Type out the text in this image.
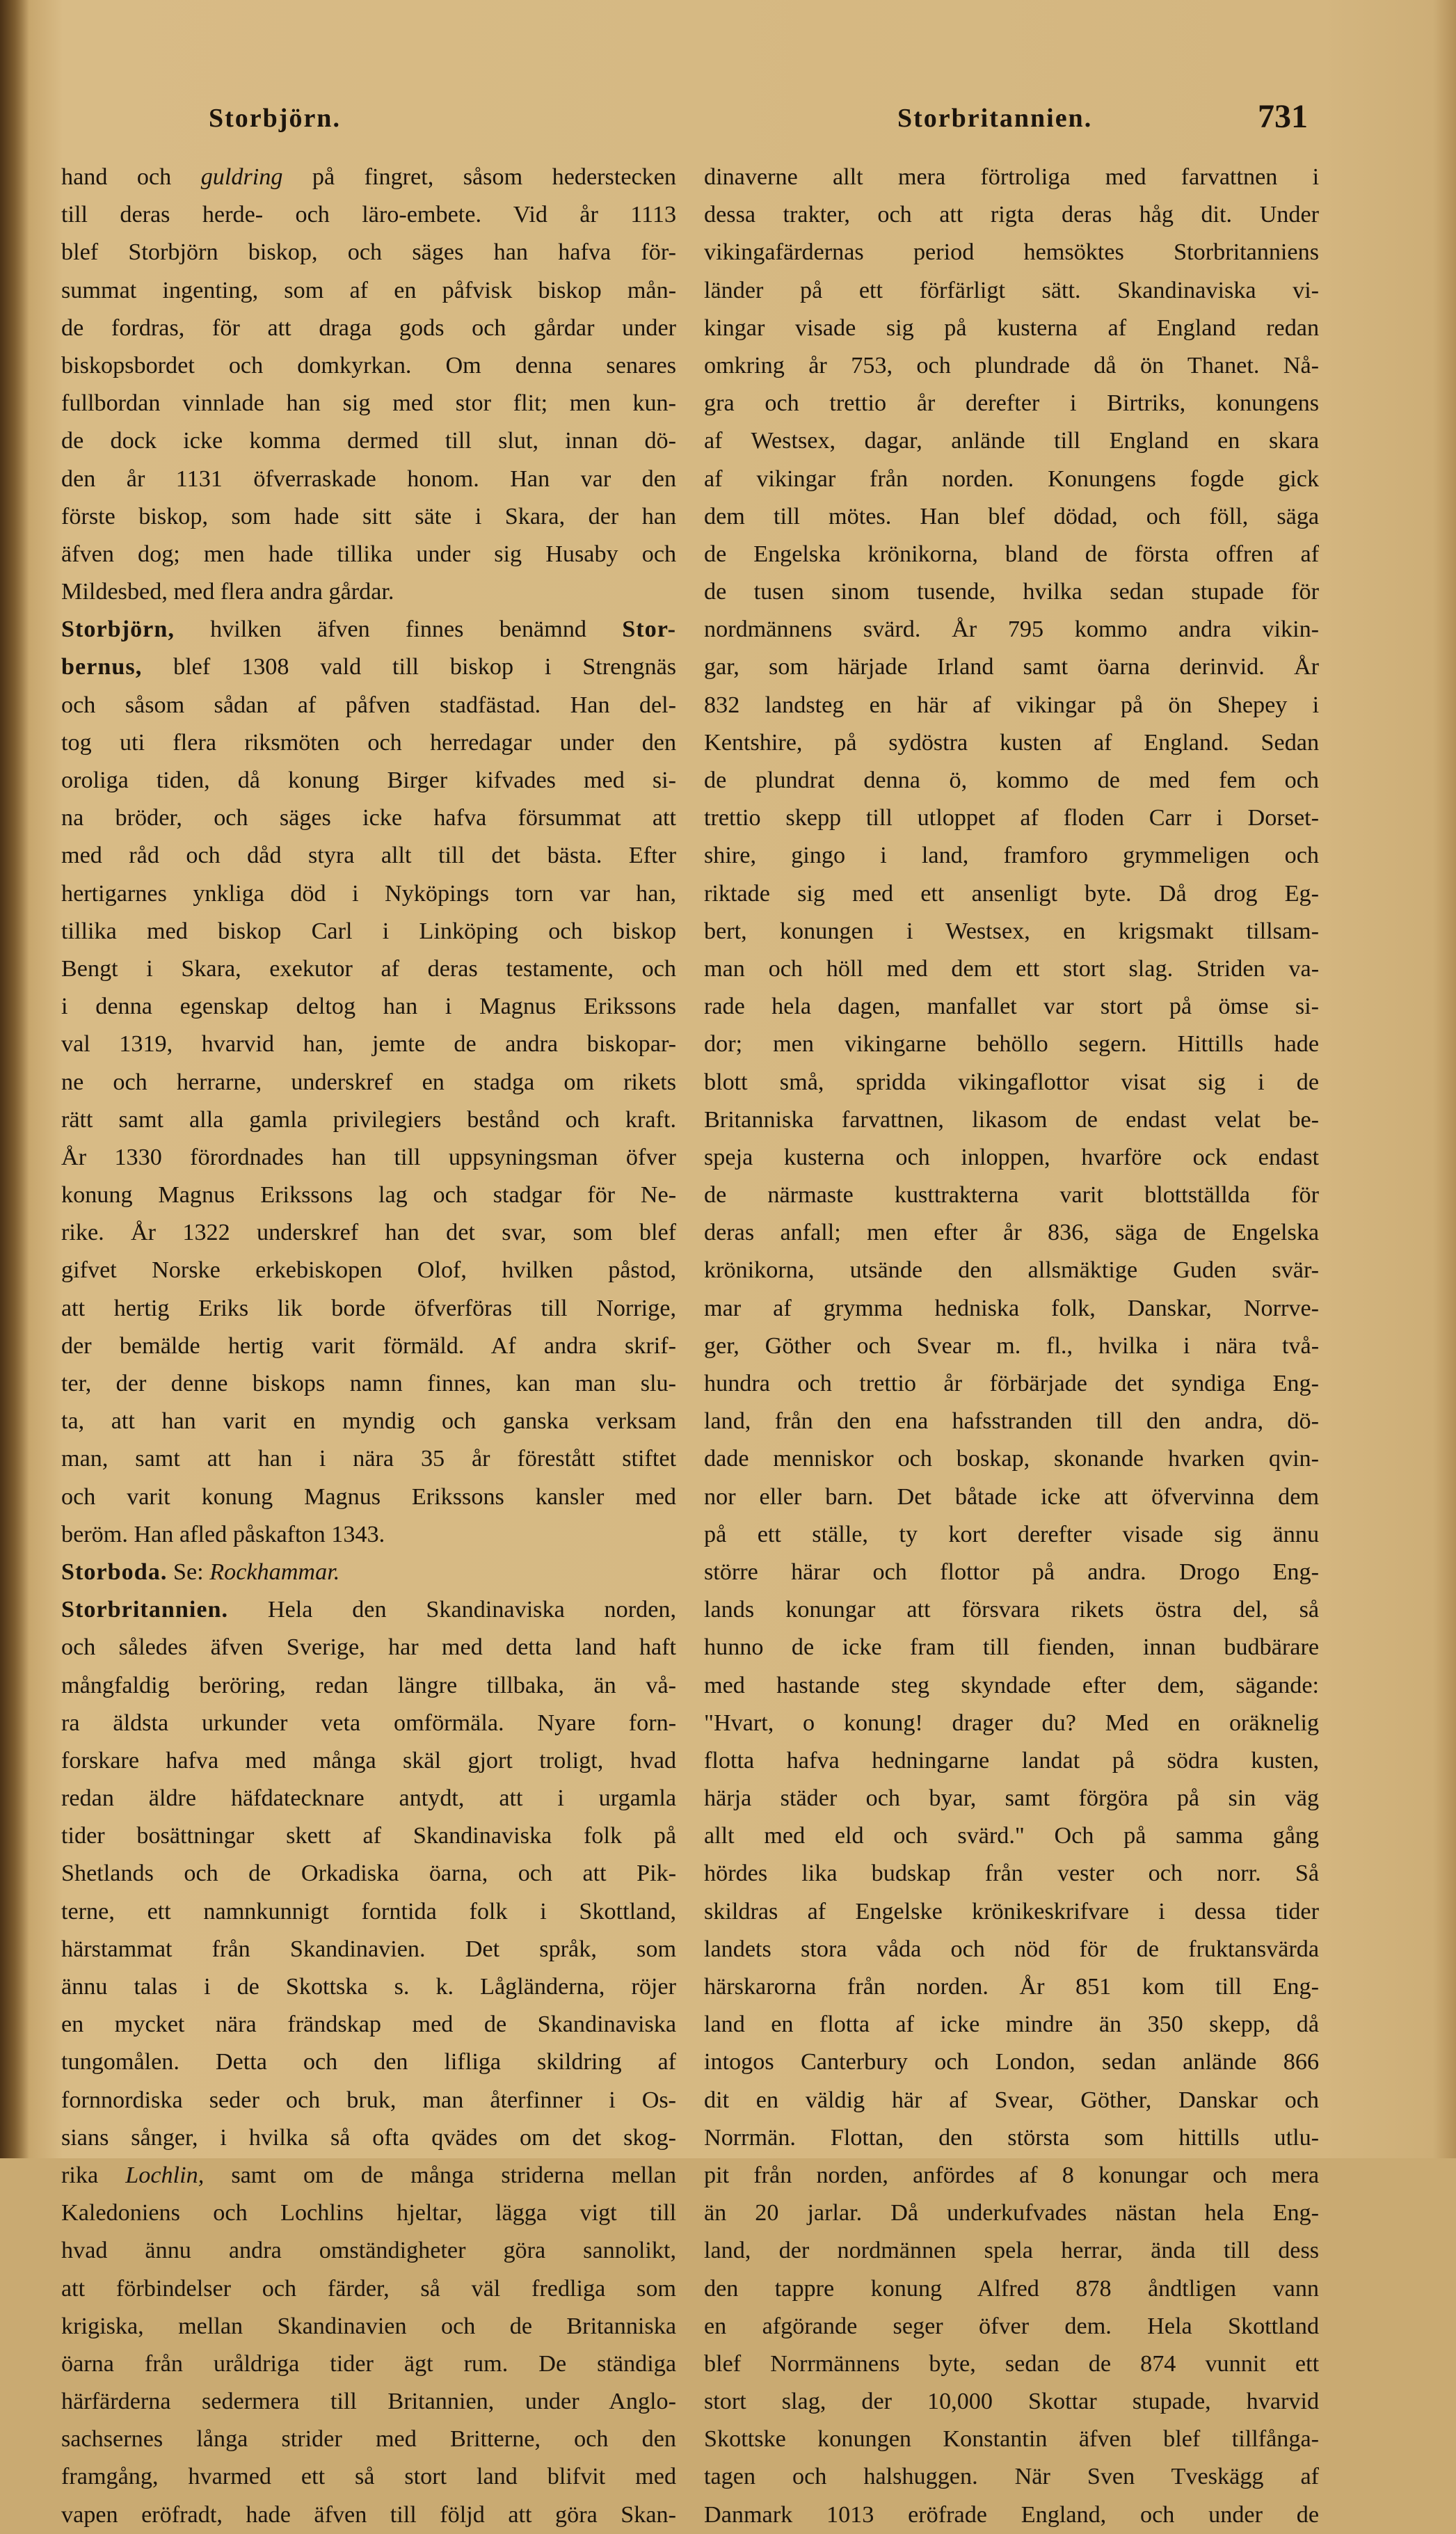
Storbjörn.	Storbritannien.	731
hand och guldring på fingret, såsom hederstecken
till deras herde- och läro-embete. Vid år 1113
blef Storbjörn biskop, och säges han hafva för-
summat ingenting, som af en påfvisk biskop mån-
de fordras, för att draga gods och gårdar under
biskopsbordet och domkyrkan. Om denna senares
fullbordan vinnlade han sig med stor flit; men kun-
de dock icke komma dermed till slut, innan dö-
den år 1131 öfverraskade honom. Han var den
förste biskop, som hade sitt säte i Skara, der han
äfven dog; men hade tillika under sig Husaby och
Mildesbed, med flera andra gårdar.
Storbjörn, hvilken äfven finnes benämnd Stor-
bernus, blef 1308 vald till biskop i Strengnäs
och såsom sådan af påfven stadfästad. Han del-
tog uti flera riksmöten och herredagar under den
oroliga tiden, då konung Birger kifvades med si-
na bröder, och säges icke hafva försummat att
med råd och dåd styra allt till det bästa. Efter
hertigarnes ynkliga död i Nyköpings torn var han,
tillika med biskop Carl i Linköping och biskop
Bengt i Skara, exekutor af deras testamente, och
i denna egenskap deltog han i Magnus Erikssons
val 1319, hvarvid han, jemte de andra biskopar-
ne och herrarne, underskref en stadga om rikets
rätt samt alla gamla privilegiers bestånd och kraft.
År 1330 förordnades han till uppsyningsman öfver
konung Magnus Erikssons lag och stadgar för Ne-
rike. År 1322 underskref han det svar, som blef
gifvet Norske erkebiskopen Olof, hvilken påstod,
att hertig Eriks lik borde öfverföras till Norrige,
der bemälde hertig varit förmäld. Af andra skrif-
ter, der denne biskops namn finnes, kan man slu-
ta, att han varit en myndig och ganska verksam
man, samt att han i nära 35 år förestått stiftet
och varit konung Magnus Erikssons kansler med
beröm. Han afled påskafton 1343.
Storboda. Se: Rockhammar.
Storbritannien. Hela den Skandinaviska norden,
och således äfven Sverige, har med detta land haft
mångfaldig beröring, redan längre tillbaka, än vå-
ra äldsta urkunder veta omförmäla. Nyare forn-
forskare hafva med många skäl gjort troligt, hvad
redan äldre häfdatecknare antydt, att i urgamla
tider bosättningar skett af Skandinaviska folk på
Shetlands och de Orkadiska öarna, och att Pik-
terne, ett namnkunnigt forntida folk i Skottland,
härstammat från Skandinavien. Det språk, som
ännu talas i de Skottska s. k. Lågländerna, röjer
en mycket nära frändskap med de Skandinaviska
tungomålen. Detta och den lifliga skildring af
fornnordiska seder och bruk, man återfinner i Os-
sians sånger, i hvilka så ofta qvädes om det skog-
rika Lochlin, samt om de många striderna mellan
Kaledoniens och Lochlins hjeltar, lägga vigt till
hvad ännu andra omständigheter göra sannolikt,
att förbindelser och färder, så väl fredliga som
krigiska, mellan Skandinavien och de Britanniska
öarna från uråldriga tider ägt rum. De ständiga
härfärderna sedermera till Britannien, under Anglo-
sachsernes långa strider med Britterne, och den
framgång, hvarmed ett så stort land blifvit med
vapen eröfradt, hade äfven till följd att göra Skan-
dinaverne allt mera förtroliga med farvattnen i
dessa trakter, och att rigta deras håg dit. Under
vikingafärdernas period hemsöktes Storbritanniens
länder på ett förfärligt sätt. Skandinaviska vi-
kingar visade sig på kusterna af England redan
omkring år 753, och plundrade då ön Thanet. Nå-
gra och trettio år derefter i Birtriks, konungens
af Westsex, dagar, anlände till England en skara
af vikingar från norden. Konungens fogde gick
dem till mötes. Han blef dödad, och föll, säga
de Engelska krönikorna, bland de första offren af
de tusen sinom tusende, hvilka sedan stupade för
nordmännens svärd. År 795 kommo andra vikin-
gar, som härjade Irland samt öarna derinvid. År
832 landsteg en här af vikingar på ön Shepey i
Kentshire, på sydöstra kusten af England. Sedan
de plundrat denna ö, kommo de med fem och
trettio skepp till utloppet af floden Carr i Dorset-
shire, gingo i land, framforo grymmeligen och
riktade sig med ett ansenligt byte. Då drog Eg-
bert, konungen i Westsex, en krigsmakt tillsam-
man och höll med dem ett stort slag. Striden va-
rade hela dagen, manfallet var stort på ömse si-
dor; men vikingarne behöllo segern. Hittills hade
blott små, spridda vikingaflottor visat sig i de
Britanniska farvattnen, likasom de endast velat be-
speja kusterna och inloppen, hvarföre ock endast
de närmaste kusttrakterna varit blottställda för
deras anfall; men efter år 836, säga de Engelska
krönikorna, utsände den allsmäktige Guden svär-
mar af grymma hedniska folk, Danskar, Norrve-
ger, Göther och Svear m. fl., hvilka i nära två-
hundra och trettio år förbärjade det syndiga Eng-
land, från den ena hafsstranden till den andra, dö-
dade menniskor och boskap, skonande hvarken qvin-
nor eller barn. Det båtade icke att öfvervinna dem
på ett ställe, ty kort derefter visade sig ännu
större härar och flottor på andra. Drogo Eng-
lands konungar att försvara rikets östra del, så
hunno de icke fram till fienden, innan budbärare
med hastande steg skyndade efter dem, sägande:
"Hvart, o konung! drager du? Med en oräknelig
flotta hafva hedningarne landat på södra kusten,
härja städer och byar, samt förgöra på sin väg
allt med eld och svärd." Och på samma gång
hördes lika budskap från vester och norr. Så
skildras af Engelske krönikeskrifvare i dessa tider
landets stora våda och nöd för de fruktansvärda
härskarorna från norden. År 851 kom till Eng-
land en flotta af icke mindre än 350 skepp, då
intogos Canterbury och London, sedan anlände 866
dit en väldig här af Svear, Göther, Danskar och
Norrmän. Flottan, den största som hittills utlu-
pit från norden, anfördes af 8 konungar och mera
än 20 jarlar. Då underkufvades nästan hela Eng-
land, der nordmännen spela herrar, ända till dess
den tappre konung Alfred 878 åndtligen vann
en afgörande seger öfver dem. Hela Skottland
blef Norrmännens byte, sedan de 874 vunnit ett
stort slag, der 10,000 Skottar stupade, hvarvid
Skottske konungen Konstantin äfven blef tillfånga-
tagen och halshuggen. När Sven Tveskägg af
Danmark 1013 eröfrade England, och under de
